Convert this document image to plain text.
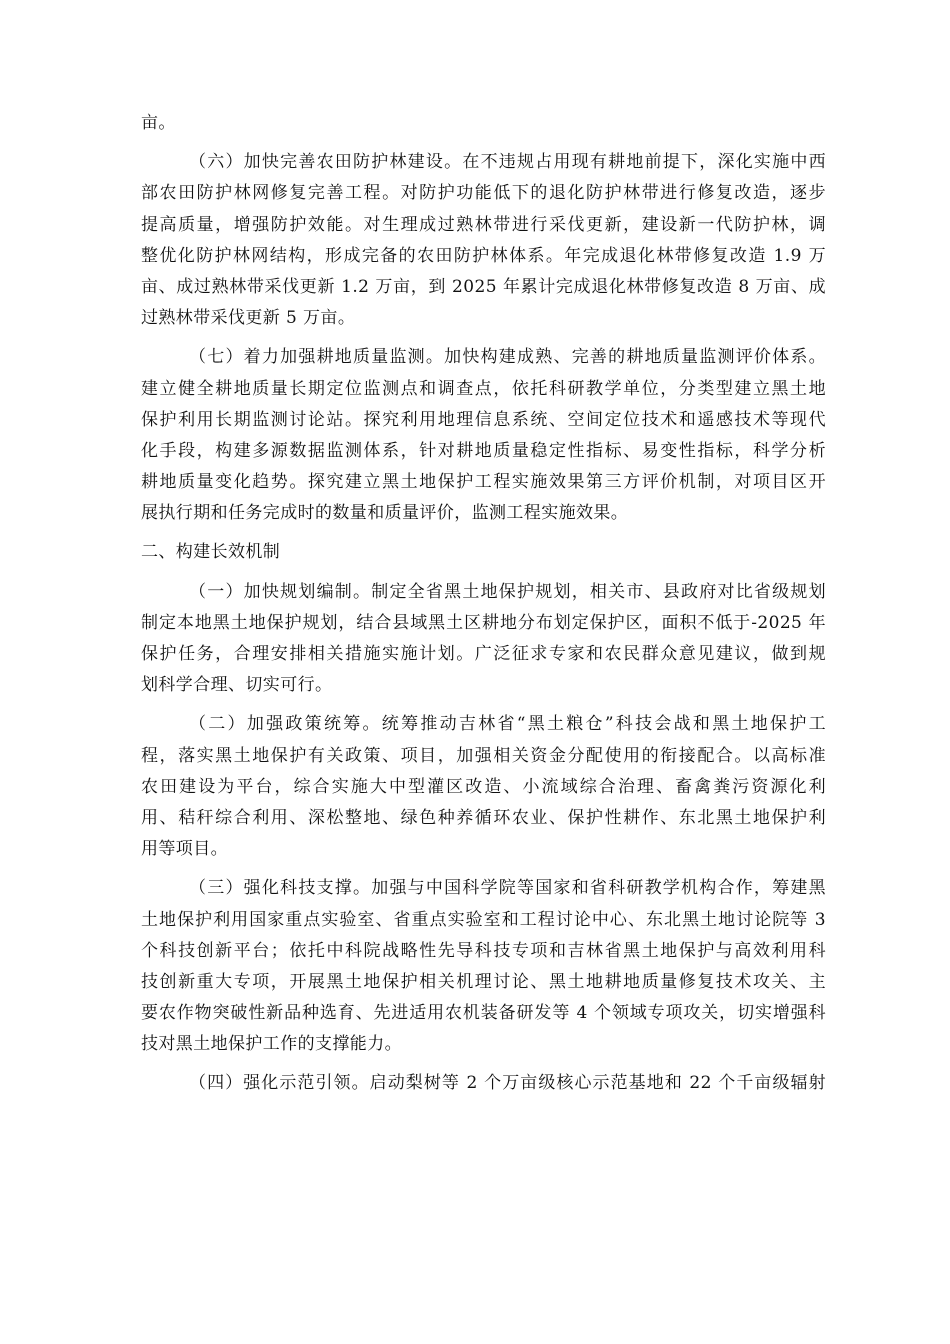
亩。
（六）加快完善农田防护林建设。在不违规占用现有耕地前提下，深化实施中西
部农田防护林网修复完善工程。对防护功能低下的退化防护林带进行修复改造，逐步
提高质量，增强防护效能。对生理成过熟林带进行采伐更新，建设新一代防护林，调
整优化防护林网结构，形成完备的农田防护林体系。年完成退化林带修复改造 1.9 万
亩、成过熟林带采伐更新 1.2 万亩，到 2025 年累计完成退化林带修复改造 8 万亩、成
过熟林带采伐更新 5 万亩。
（七）着力加强耕地质量监测。加快构建成熟、完善的耕地质量监测评价体系。
建立健全耕地质量长期定位监测点和调查点，依托科研教学单位，分类型建立黑土地
保护利用长期监测讨论站。探究利用地理信息系统、空间定位技术和遥感技术等现代
化手段，构建多源数据监测体系，针对耕地质量稳定性指标、易变性指标，科学分析
耕地质量变化趋势。探究建立黑土地保护工程实施效果第三方评价机制，对项目区开
展执行期和任务完成时的数量和质量评价，监测工程实施效果。
二、构建长效机制
（一）加快规划编制。制定全省黑土地保护规划，相关市、县政府对比省级规划
制定本地黑土地保护规划，结合县域黑土区耕地分布划定保护区，面积不低于-2025 年
保护任务，合理安排相关措施实施计划。广泛征求专家和农民群众意见建议，做到规
划科学合理、切实可行。
（二）加强政策统筹。统筹推动吉林省“黑土粮仓”科技会战和黑土地保护工
程，落实黑土地保护有关政策、项目，加强相关资金分配使用的衔接配合。以高标准
农田建设为平台，综合实施大中型灌区改造、小流域综合治理、畜禽粪污资源化利
用、秸秆综合利用、深松整地、绿色种养循环农业、保护性耕作、东北黑土地保护利
用等项目。
（三）强化科技支撑。加强与中国科学院等国家和省科研教学机构合作，筹建黑
土地保护利用国家重点实验室、省重点实验室和工程讨论中心、东北黑土地讨论院等 3
个科技创新平台；依托中科院战略性先导科技专项和吉林省黑土地保护与高效利用科
技创新重大专项，开展黑土地保护相关机理讨论、黑土地耕地质量修复技术攻关、主
要农作物突破性新品种选育、先进适用农机装备研发等 4 个领域专项攻关，切实增强科
技对黑土地保护工作的支撑能力。
（四）强化示范引领。启动梨树等 2 个万亩级核心示范基地和 22 个千亩级辐射
